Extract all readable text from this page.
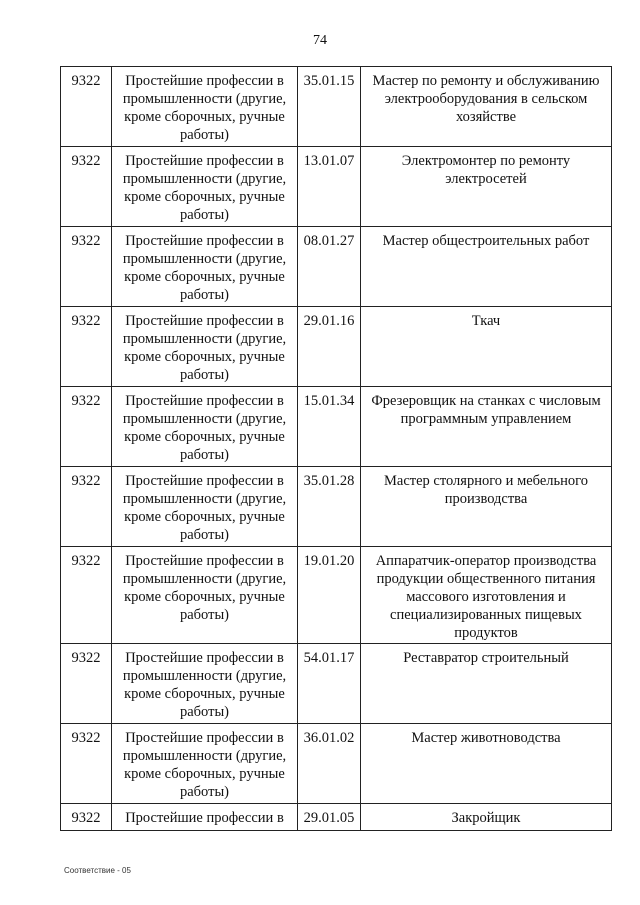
74
9322	Простейшие профессии в промышленности (другие, кроме сборочных, ручные работы)	35.01.15	Мастер по ремонту и обслуживанию электрооборудования в сельском хозяйстве
9322	Простейшие профессии в промышленности (другие, кроме сборочных, ручные работы)	13.01.07	Электромонтер по ремонту электросетей
9322	Простейшие профессии в промышленности (другие, кроме сборочных, ручные работы)	08.01.27	Мастер общестроительных работ
9322	Простейшие профессии в промышленности (другие, кроме сборочных, ручные работы)	29.01.16	Ткач
9322	Простейшие профессии в промышленности (другие, кроме сборочных, ручные работы)	15.01.34	Фрезеровщик на станках с числовым программным управлением
9322	Простейшие профессии в промышленности (другие, кроме сборочных, ручные работы)	35.01.28	Мастер столярного и мебельного производства
9322	Простейшие профессии в промышленности (другие, кроме сборочных, ручные работы)	19.01.20	Аппаратчик-оператор производства продукции общественного питания массового изготовления и специализированных пищевых продуктов
9322	Простейшие профессии в промышленности (другие, кроме сборочных, ручные работы)	54.01.17	Реставратор строительный
9322	Простейшие профессии в промышленности (другие, кроме сборочных, ручные работы)	36.01.02	Мастер животноводства
9322	Простейшие профессии в	29.01.05	Закройщик
Соответствие - 05
